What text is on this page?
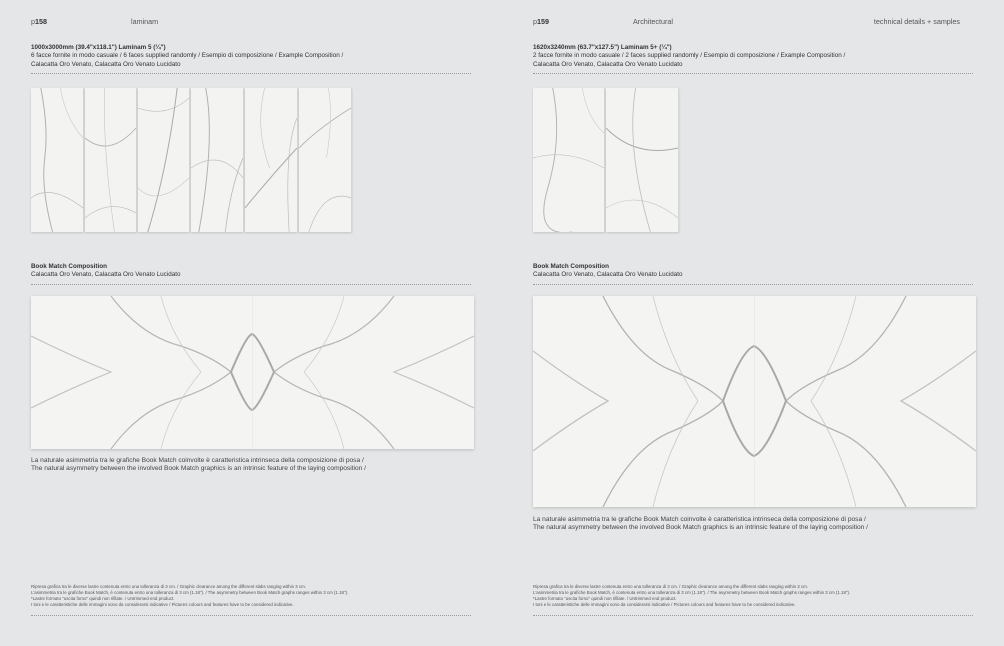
p158	laminam
1000x3000mm (39.4"x118.1") Laminam 5 (¼")
6 facce fornite in modo casuale / 6 faces supplied randomly / Esempio di composizione / Example Composition /
Calacatta Oro Venato, Calacatta Oro Venato Lucidato
Book Match Composition
Calacatta Oro Venato, Calacatta Oro Venato Lucidato
La naturale asimmetria tra le grafiche Book Match coinvolte è caratteristica intrinseca della composizione di posa /
The natural asymmetry between the involved Book Match graphics is an intrinsic feature of the laying composition /
Ripresa grafica tra le diverse lastre contenuta entro una tolleranza di 3 cm. / Graphic clearance among the different slabs ranging within 3 cm.
L'asimmetria tra le grafiche Book Match, è contenuta entro una tolleranza di 3 cm (1.18"). / The asymmetry between Book Match graphs ranges within 3 cm (1.18").
*Lastre formato "uscita forno" quindi non rifilate. / Untrimmed end product.
I toni e le caratteristiche delle immagini sono da considerarsi indicative / Pictures colours and features have to be considered indicative.
p159	Architectural	technical details + samples
1620x3240mm (63.7"x127.5") Laminam 5+ (¼")
2 facce fornite in modo casuale / 2 faces supplied randomly / Esempio di composizione / Example Composition /
Calacatta Oro Venato, Calacatta Oro Venato Lucidato
Book Match Composition
Calacatta Oro Venato, Calacatta Oro Venato Lucidato
La naturale asimmetria tra le grafiche Book Match coinvolte è caratteristica intrinseca della composizione di posa /
The natural asymmetry between the involved Book Match graphics is an intrinsic feature of the laying composition /
Ripresa grafica tra le diverse lastre contenuta entro una tolleranza di 3 cm. / Graphic clearance among the different slabs ranging within 3 cm.
L'asimmetria tra le grafiche Book Match, è contenuta entro una tolleranza di 3 cm (1.18"). / The asymmetry between Book Match graphs ranges within 3 cm (1.18").
*Lastre formato "uscita forno" quindi non rifilate. / Untrimmed end product.
I toni e le caratteristiche delle immagini sono da considerarsi indicative / Pictures colours and features have to be considered indicative.
